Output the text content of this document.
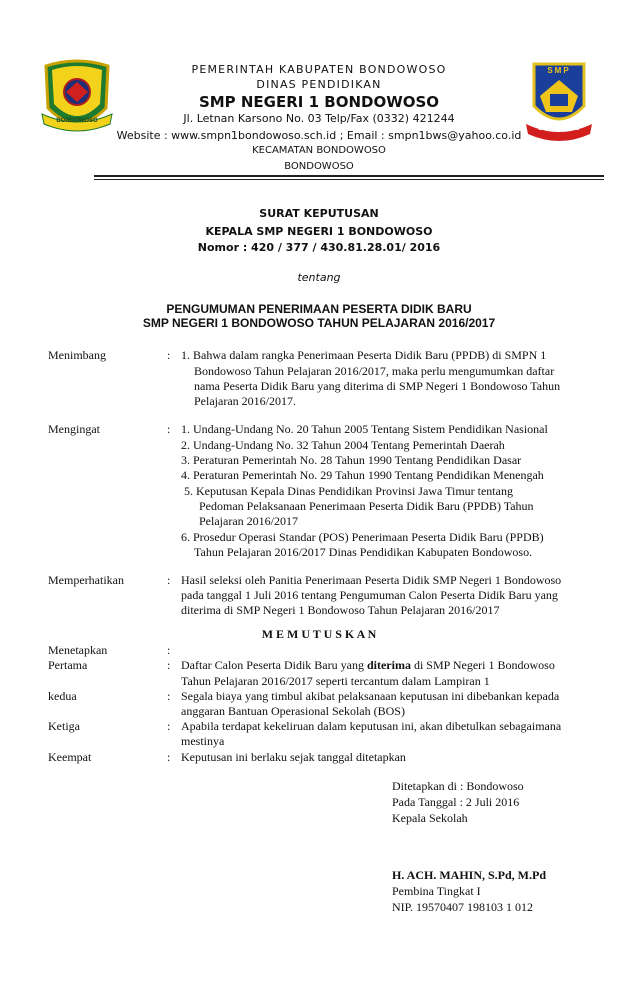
BONDOWOSO
SMP
BONDOWOSO
PEMERINTAH KABUPATEN BONDOWOSO
DINAS PENDIDIKAN
SMP NEGERI 1 BONDOWOSO
Jl. Letnan Karsono No. 03 Telp/Fax (0332) 421244
Website : www.smpn1bondowoso.sch.id ; Email : smpn1bws@yahoo.co.id
KECAMATAN BONDOWOSO
BONDOWOSO
SURAT KEPUTUSAN
KEPALA SMP NEGERI 1 BONDOWOSO
Nomor : 420 / 377 / 430.81.28.01/ 2016
tentang
PENGUMUMAN PENERIMAAN PESERTA DIDIK BARU
SMP NEGERI 1 BONDOWOSO TAHUN PELAJARAN 2016/2017
Menimbang	: 1. Bahwa dalam rangka Penerimaan Peserta Didik Baru (PPDB) di SMPN 1
Bondowoso Tahun Pelajaran 2016/2017, maka perlu mengumumkan daftar
nama Peserta Didik Baru yang diterima di SMP Negeri 1 Bondowoso Tahun
Pelajaran 2016/2017.
Mengingat	: 1. Undang-Undang No. 20 Tahun 2005 Tentang Sistem Pendidikan Nasional
2. Undang-Undang No. 32 Tahun 2004 Tentang Pemerintah Daerah
3. Peraturan Pemerintah No. 28 Tahun 1990 Tentang Pendidikan Dasar
4. Peraturan Pemerintah No. 29 Tahun 1990 Tentang Pendidikan Menengah
5. Keputusan Kepala Dinas Pendidikan Provinsi Jawa Timur tentang
Pedoman Pelaksanaan Penerimaan Peserta Didik Baru (PPDB) Tahun
Pelajaran 2016/2017
6. Prosedur Operasi Standar (POS) Penerimaan Peserta Didik Baru (PPDB)
Tahun Pelajaran 2016/2017 Dinas Pendidikan Kabupaten Bondowoso.
Memperhatikan	: Hasil seleksi oleh Panitia Penerimaan Peserta Didik SMP Negeri 1 Bondowoso
pada tanggal 1 Juli 2016 tentang Pengumuman Calon Peserta Didik Baru yang
diterima di SMP Negeri 1 Bondowoso Tahun Pelajaran 2016/2017
M E M U T U S K A N
Menetapkan	:
Pertama	: Daftar Calon Peserta Didik Baru yang diterima di SMP Negeri 1 Bondowoso
Tahun Pelajaran 2016/2017 seperti tercantum dalam Lampiran 1
kedua	: Segala biaya yang timbul akibat pelaksanaan keputusan ini dibebankan kepada
anggaran Bantuan Operasional Sekolah (BOS)
Ketiga	: Apabila terdapat kekeliruan dalam keputusan ini, akan dibetulkan sebagaimana
mestinya
Keempat	: Keputusan ini berlaku sejak tanggal ditetapkan
Ditetapkan di : Bondowoso
Pada Tanggal : 2 Juli 2016
Kepala Sekolah
H. ACH. MAHIN, S.Pd, M.Pd
Pembina Tingkat I
NIP. 19570407 198103 1 012
